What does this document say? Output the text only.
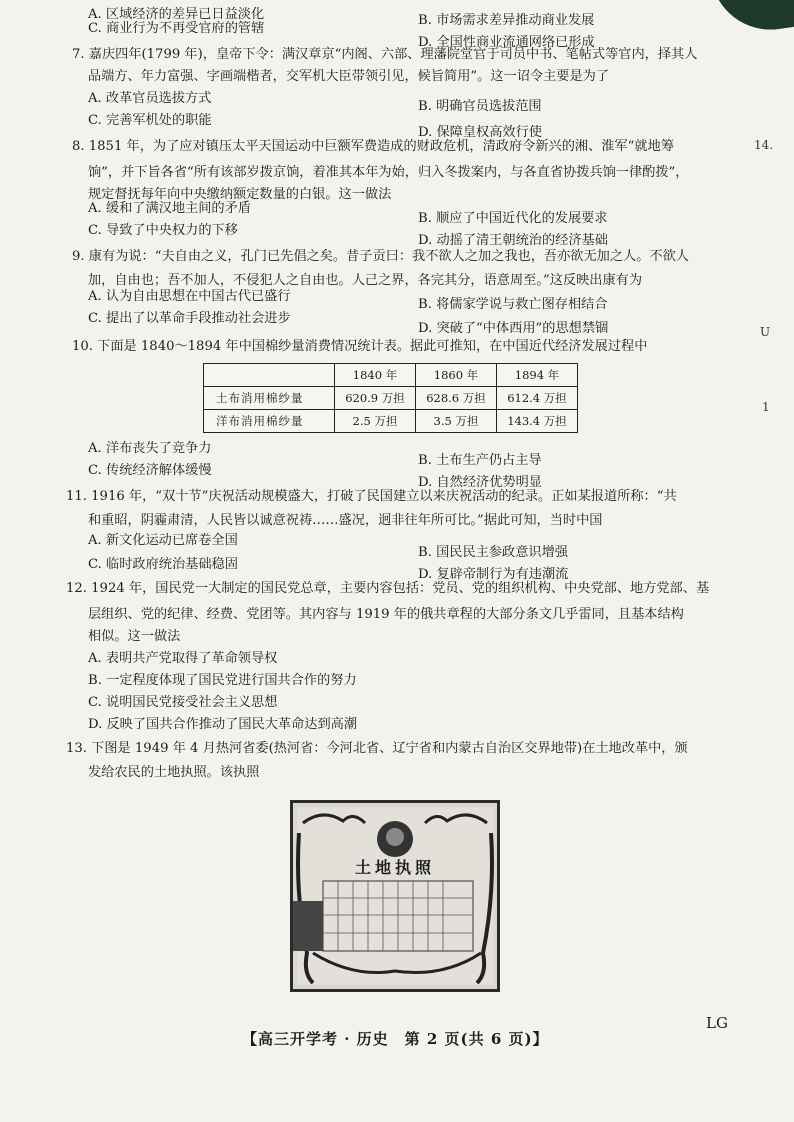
A. 区域经济的差异已日益淡化	B. 市场需求差异推动商业发展
C. 商业行为不再受官府的管辖
D. 全国性商业流通网络已形成
7. 嘉庆四年(1799 年)，皇帝下令：满汉章京“内阁、六部、理藩院堂官于司员中书、笔帖式等官内，择其人
品端方、年力富强、字画端楷者，交军机大臣带领引见，候旨简用”。这一诏令主要是为了
A. 改革官员选拔方式
B. 明确官员选拔范围
C. 完善军机处的职能
D. 保障皇权高效行使
8. 1851 年，为了应对镇压太平天国运动中巨额军费造成的财政危机，清政府令新兴的湘、淮军“就地筹
饷”，并下旨各省“所有该部岁拨京饷，着准其本年为始，归入冬拨案内，与各直省协拨兵饷一律酌拨”，
规定督抚每年向中央缴纳额定数量的白银。这一做法
A. 缓和了满汉地主间的矛盾
B. 顺应了中国近代化的发展要求
C. 导致了中央权力的下移
D. 动摇了清王朝统治的经济基础
9. 康有为说：“夫自由之义，孔门已先倡之矣。昔子贡曰：我不欲人之加之我也，吾亦欲无加之人。不欲人
加，自由也；吾不加人，不侵犯人之自由也。人己之界，各完其分，语意周至。”这反映出康有为
A. 认为自由思想在中国古代已盛行
B. 将儒家学说与救亡图存相结合
C. 提出了以革命手段推动社会进步
D. 突破了“中体西用”的思想禁锢
10. 下面是 1840～1894 年中国棉纱量消费情况统计表。据此可推知，在中国近代经济发展过程中
	1840 年	1860 年	1894 年
土布消用棉纱量	620.9 万担	628.6 万担	612.4 万担
洋布消用棉纱量	2.5 万担	3.5 万担	143.4 万担
A. 洋布丧失了竞争力
B. 土布生产仍占主导
C. 传统经济解体缓慢
D. 自然经济优势明显
11. 1916 年，“双十节”庆祝活动规模盛大，打破了民国建立以来庆祝活动的纪录。正如某报道所称：“共
和重昭，阴霾肃清，人民皆以诚意祝祷……盛况，迥非往年所可比。”据此可知，当时中国
A. 新文化运动已席卷全国
B. 国民民主参政意识增强
C. 临时政府统治基础稳固
D. 复辟帝制行为有违潮流
12. 1924 年，国民党一大制定的国民党总章，主要内容包括：党员、党的组织机构、中央党部、地方党部、基
层组织、党的纪律、经费、党团等。其内容与 1919 年的俄共章程的大部分条文几乎雷同，且基本结构
相似。这一做法
A. 表明共产党取得了革命领导权
B. 一定程度体现了国民党进行国共合作的努力
C. 说明国民党接受社会主义思想
D. 反映了国共合作推动了国民大革命达到高潮
13. 下图是 1949 年 4 月热河省委(热河省：今河北省、辽宁省和内蒙古自治区交界地带)在土地改革中，颁
发给农民的土地执照。该执照
土地执照
14.
U
1
【高三开学考 · 历史　第 2 页(共 6 页)】
LG
